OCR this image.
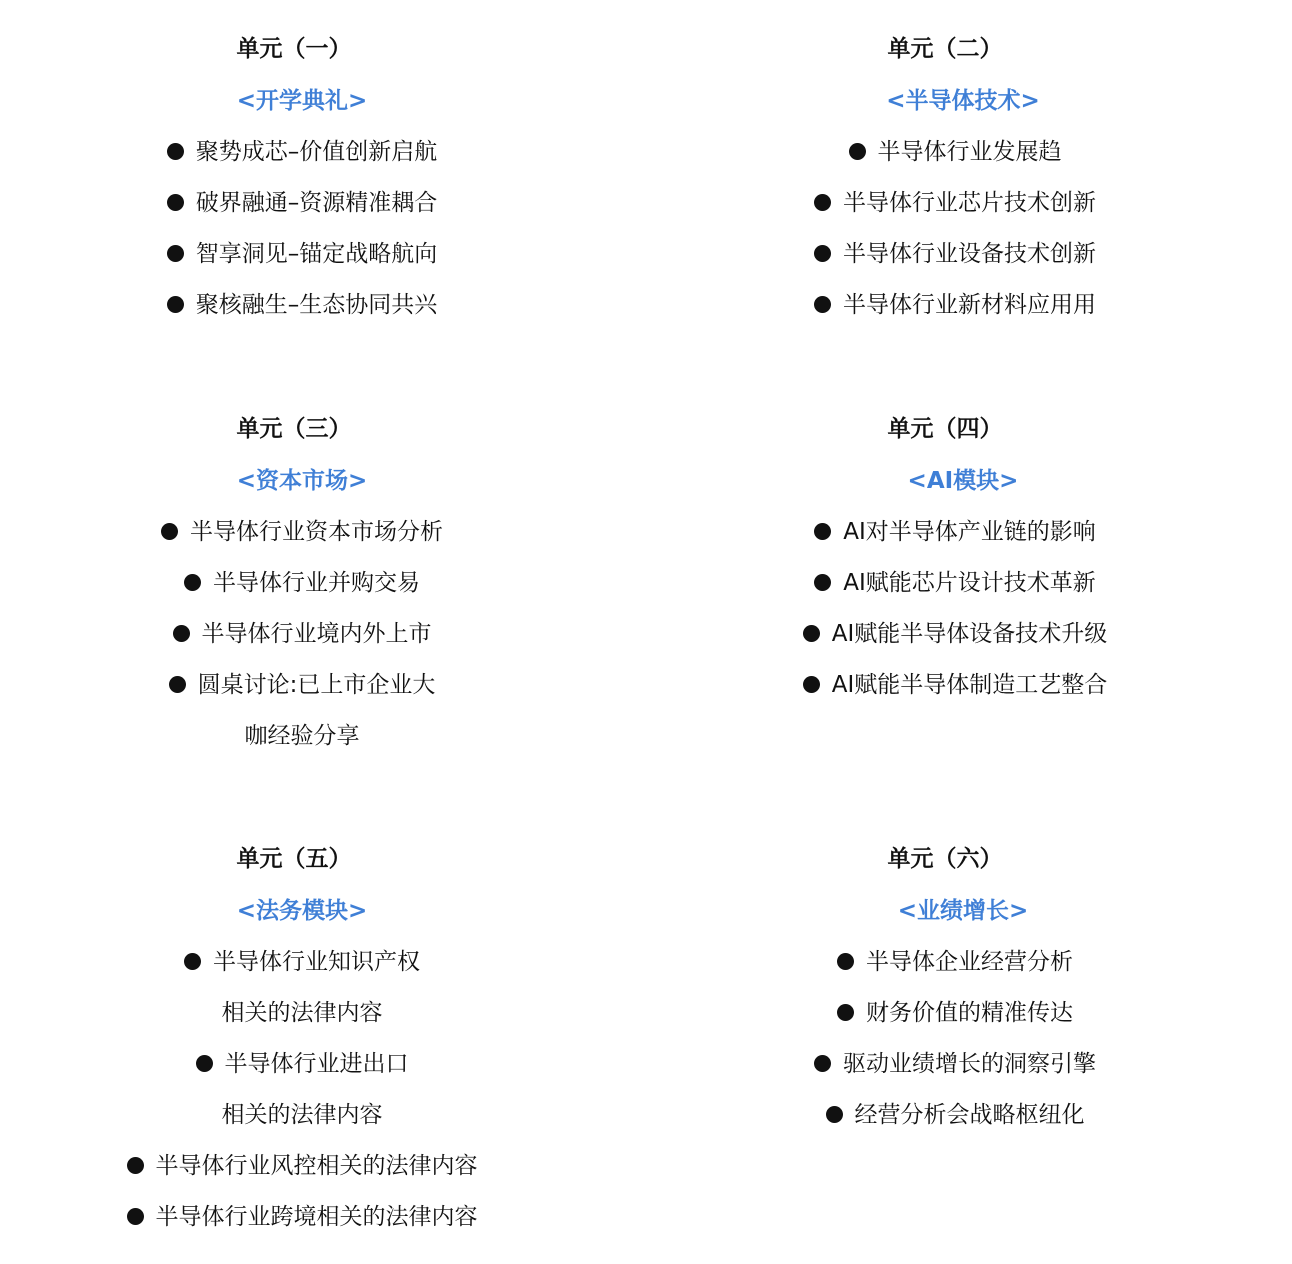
单元（一）
<开学典礼>
聚势成芯–价值创新启航
破界融通–资源精准耦合
智享洞见–锚定战略航向
聚核融生–生态协同共兴
单元（二）
<半导体技术>
半导体行业发展趋
半导体行业芯片技术创新
半导体行业设备技术创新
半导体行业新材料应用用
单元（三）
<资本市场>
半导体行业资本市场分析
半导体行业并购交易
半导体行业境内外上市
圆桌讨论:已上市企业大
咖经验分享
单元（四）
<AI模块>
AI对半导体产业链的影响
AI赋能芯片设计技术革新
AI赋能半导体设备技术升级
AI赋能半导体制造工艺整合
单元（五）
<法务模块>
半导体行业知识产权
相关的法律内容
半导体行业进出口
相关的法律内容
半导体行业风控相关的法律内容
半导体行业跨境相关的法律内容
单元（六）
<业绩增长>
半导体企业经营分析
财务价值的精准传达
驱动业绩增长的洞察引擎
经营分析会战略枢纽化
